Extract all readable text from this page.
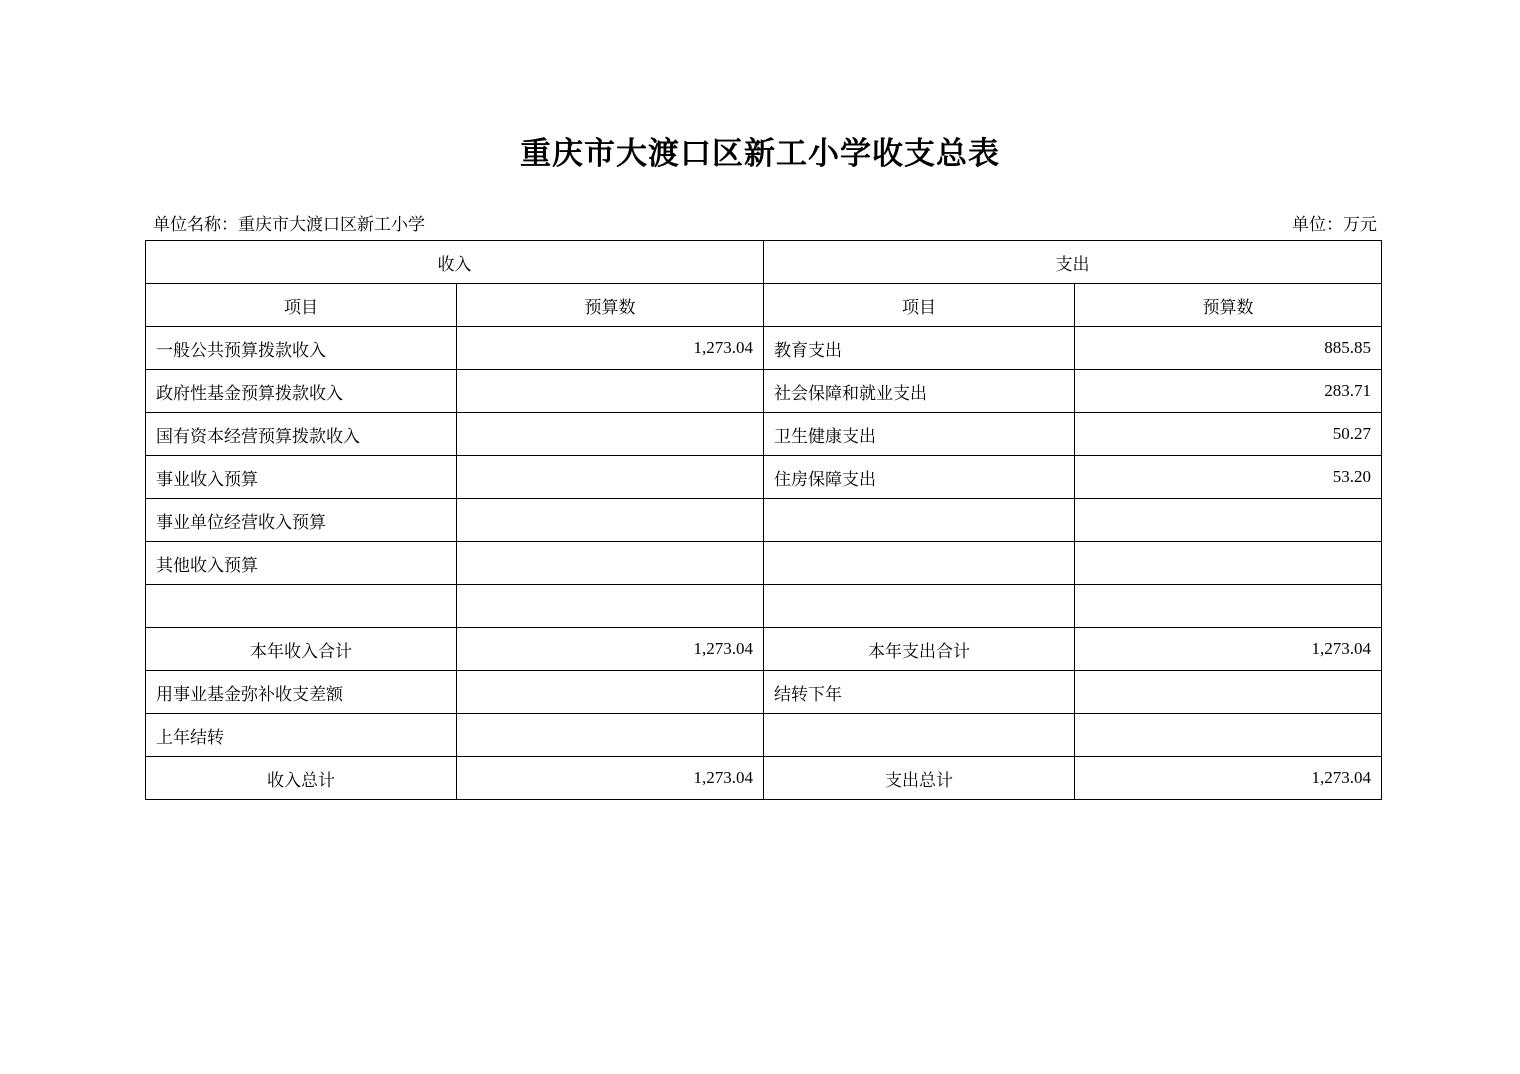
重庆市大渡口区新工小学收支总表
单位名称：重庆市大渡口区新工小学	单位：万元
收入		支出	
项目	预算数	项目	预算数
一般公共预算拨款收入	1,273.04	教育支出	885.85
政府性基金预算拨款收入		社会保障和就业支出	283.71
国有资本经营预算拨款收入		卫生健康支出	50.27
事业收入预算		住房保障支出	53.20
事业单位经营收入预算			
其他收入预算			

本年收入合计	1,273.04	本年支出合计	1,273.04
用事业基金弥补收支差额		结转下年	
上年结转			
收入总计	1,273.04	支出总计	1,273.04
